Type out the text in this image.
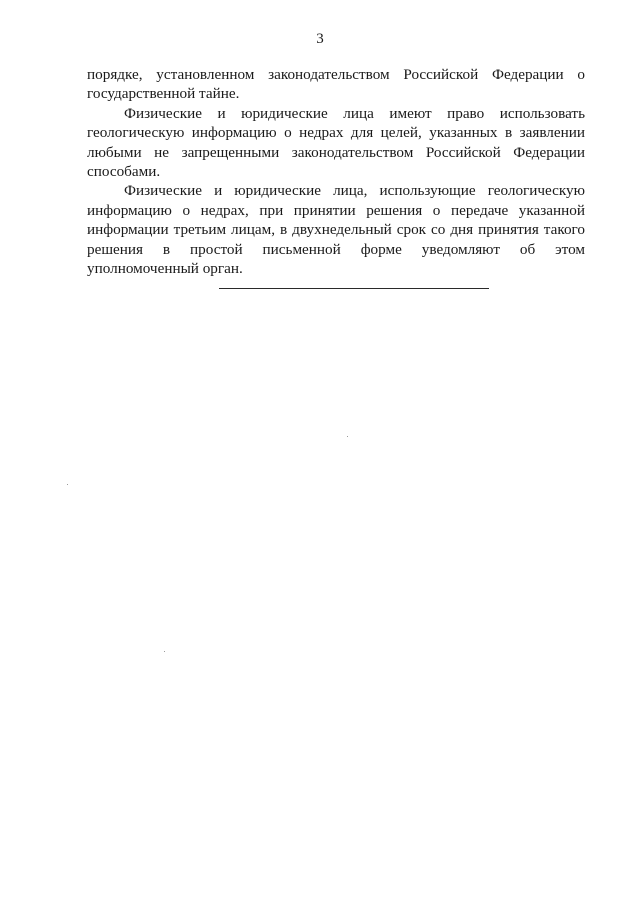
3

порядке, установленном законодательством Российской Федерации о государственной тайне.

Физические и юридические лица имеют право использовать геологическую информацию о недрах для целей, указанных в заявлении любыми не запрещенными законодательством Российской Федерации способами.

Физические и юридические лица, использующие геологическую информацию о недрах, при принятии решения о передаче указанной информации третьим лицам, в двухнедельный срок со дня принятия такого решения в простой письменной форме уведомляют об этом уполномоченный орган.
